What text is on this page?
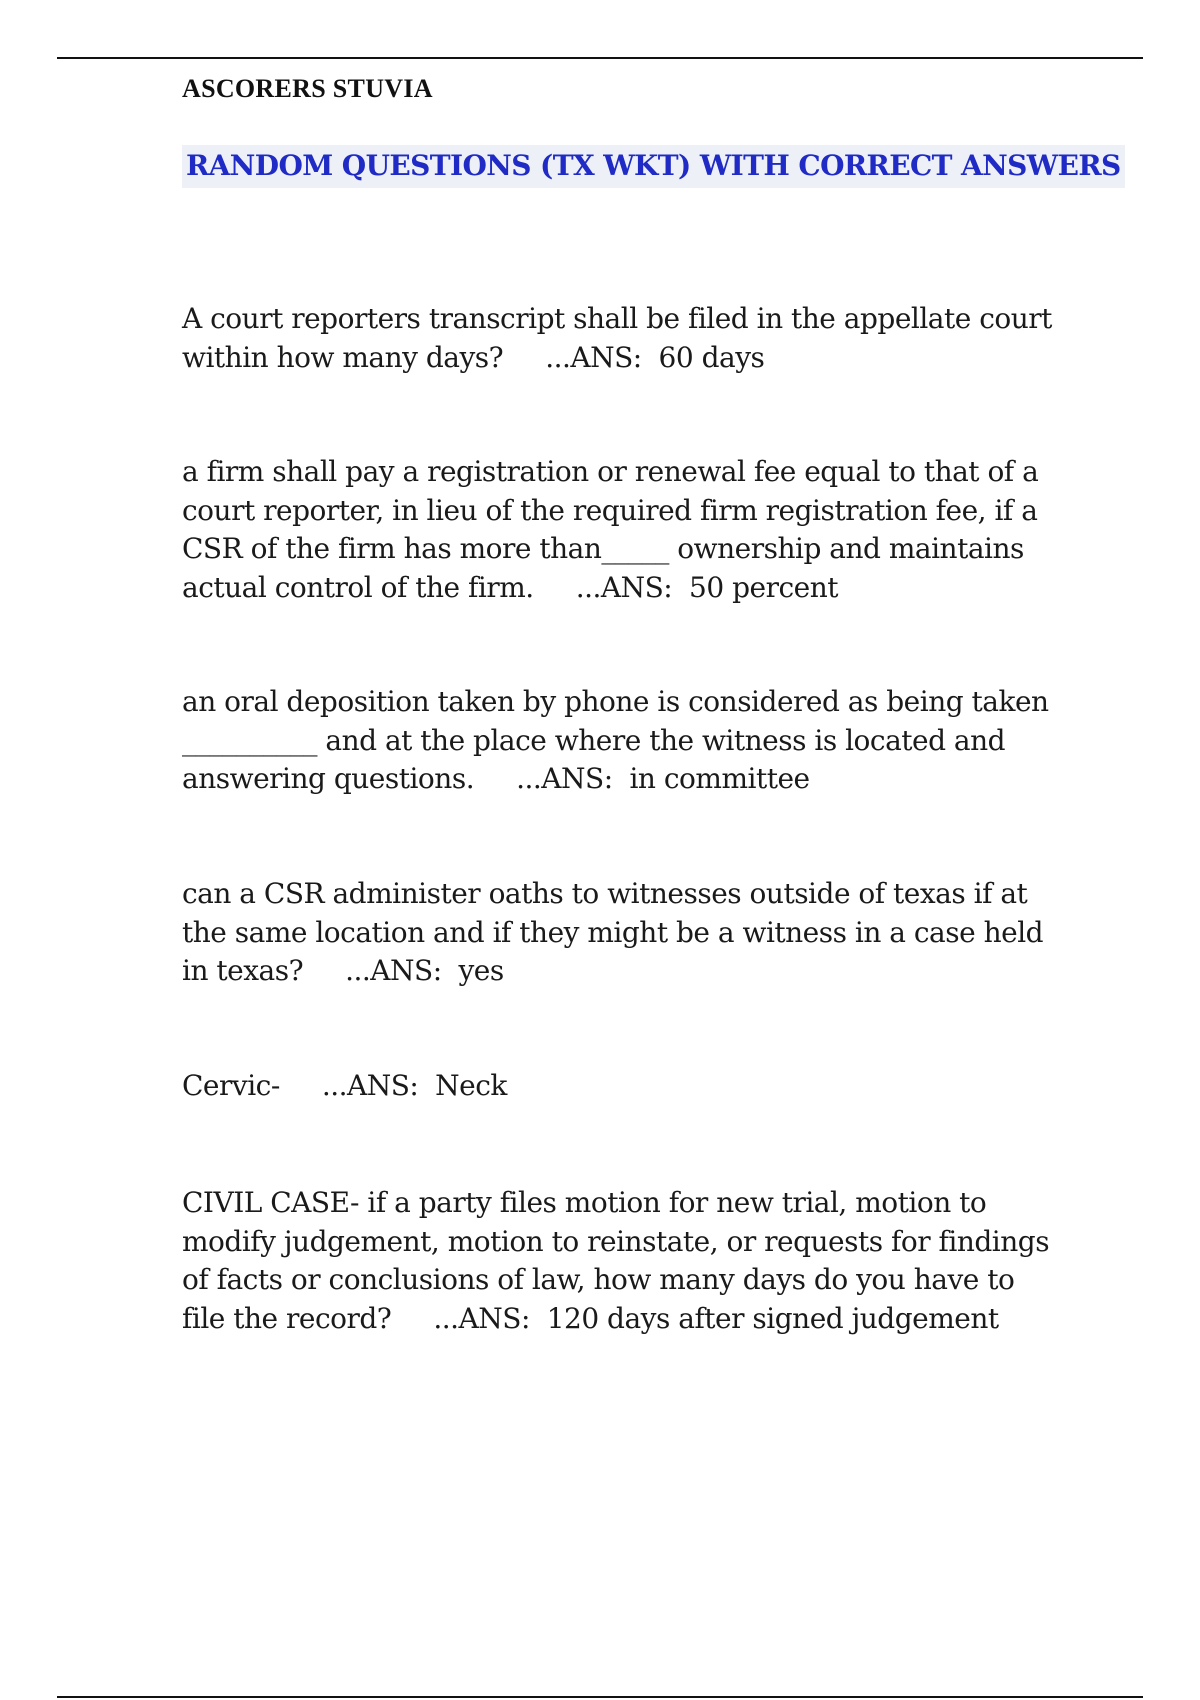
ASCORERS STUVIA
RANDOM QUESTIONS (TX WKT) WITH CORRECT ANSWERS

A court reporters transcript shall be filed in the appellate court within how many days? ...ANS: 60 days

a firm shall pay a registration or renewal fee equal to that of a court reporter, in lieu of the required firm registration fee, if a CSR of the firm has more than_____ ownership and maintains actual control of the firm. ...ANS: 50 percent

an oral deposition taken by phone is considered as being taken __________ and at the place where the witness is located and answering questions. ...ANS: in committee

can a CSR administer oaths to witnesses outside of texas if at the same location and if they might be a witness in a case held in texas? ...ANS: yes

Cervic- ...ANS: Neck

CIVIL CASE- if a party files motion for new trial, motion to modify judgement, motion to reinstate, or requests for findings of facts or conclusions of law, how many days do you have to file the record? ...ANS: 120 days after signed judgement
